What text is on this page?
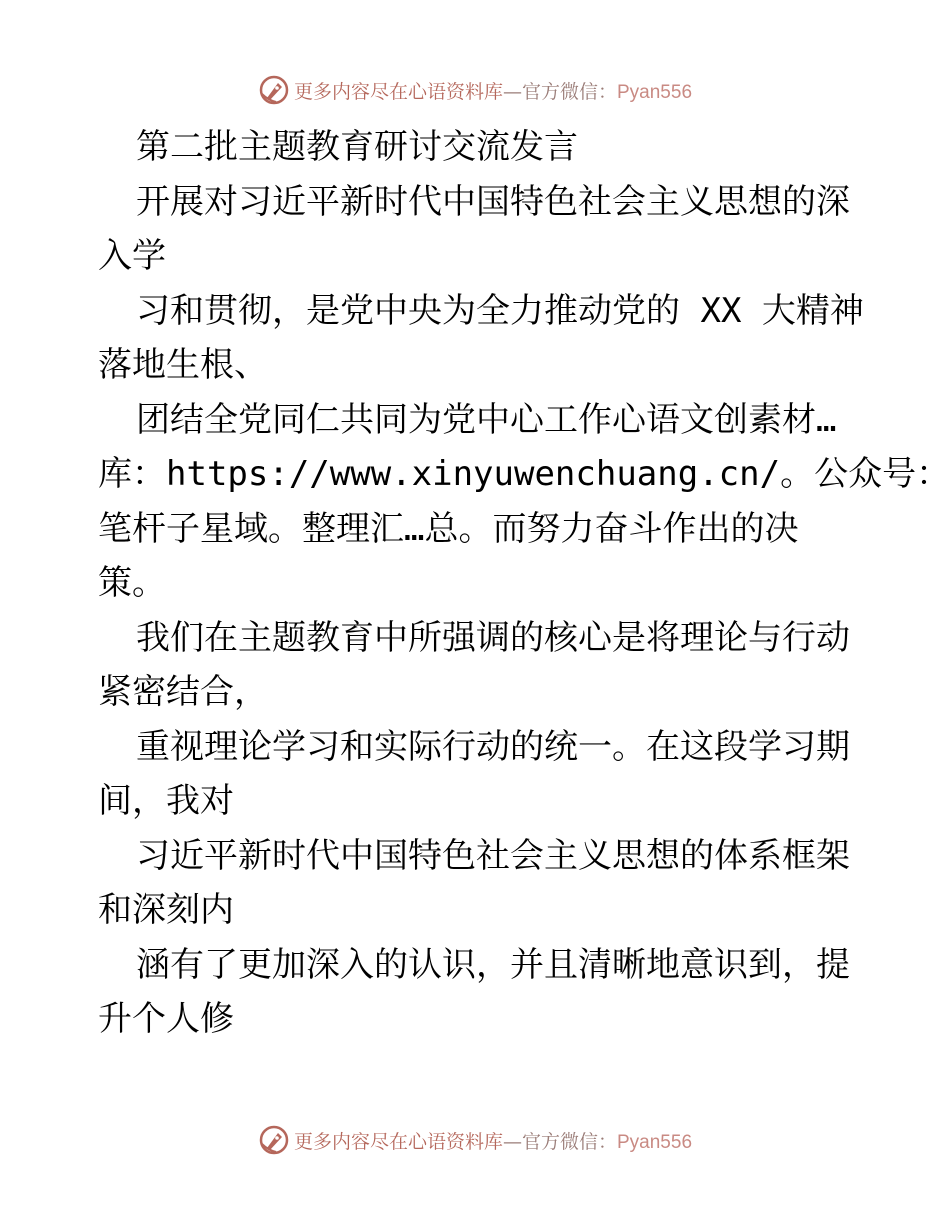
更多内容尽在心语资料库—官方微信：Pyan556
第二批主题教育研讨交流发言
开展对习近平新时代中国特色社会主义思想的深
入学
习和贯彻，是党中央为全力推动党的 XX 大精神
落地生根、
团结全党同仁共同为党中心工作心语文创素材…
库：https://www.xinyuwenchuang.cn/。公众号：
笔杆子星域。整理汇…总。而努力奋斗作出的决
策。
我们在主题教育中所强调的核心是将理论与行动
紧密结合，
重视理论学习和实际行动的统一。在这段学习期
间，我对
习近平新时代中国特色社会主义思想的体系框架
和深刻内
涵有了更加深入的认识，并且清晰地意识到，提
升个人修
更多内容尽在心语资料库—官方微信：Pyan556
